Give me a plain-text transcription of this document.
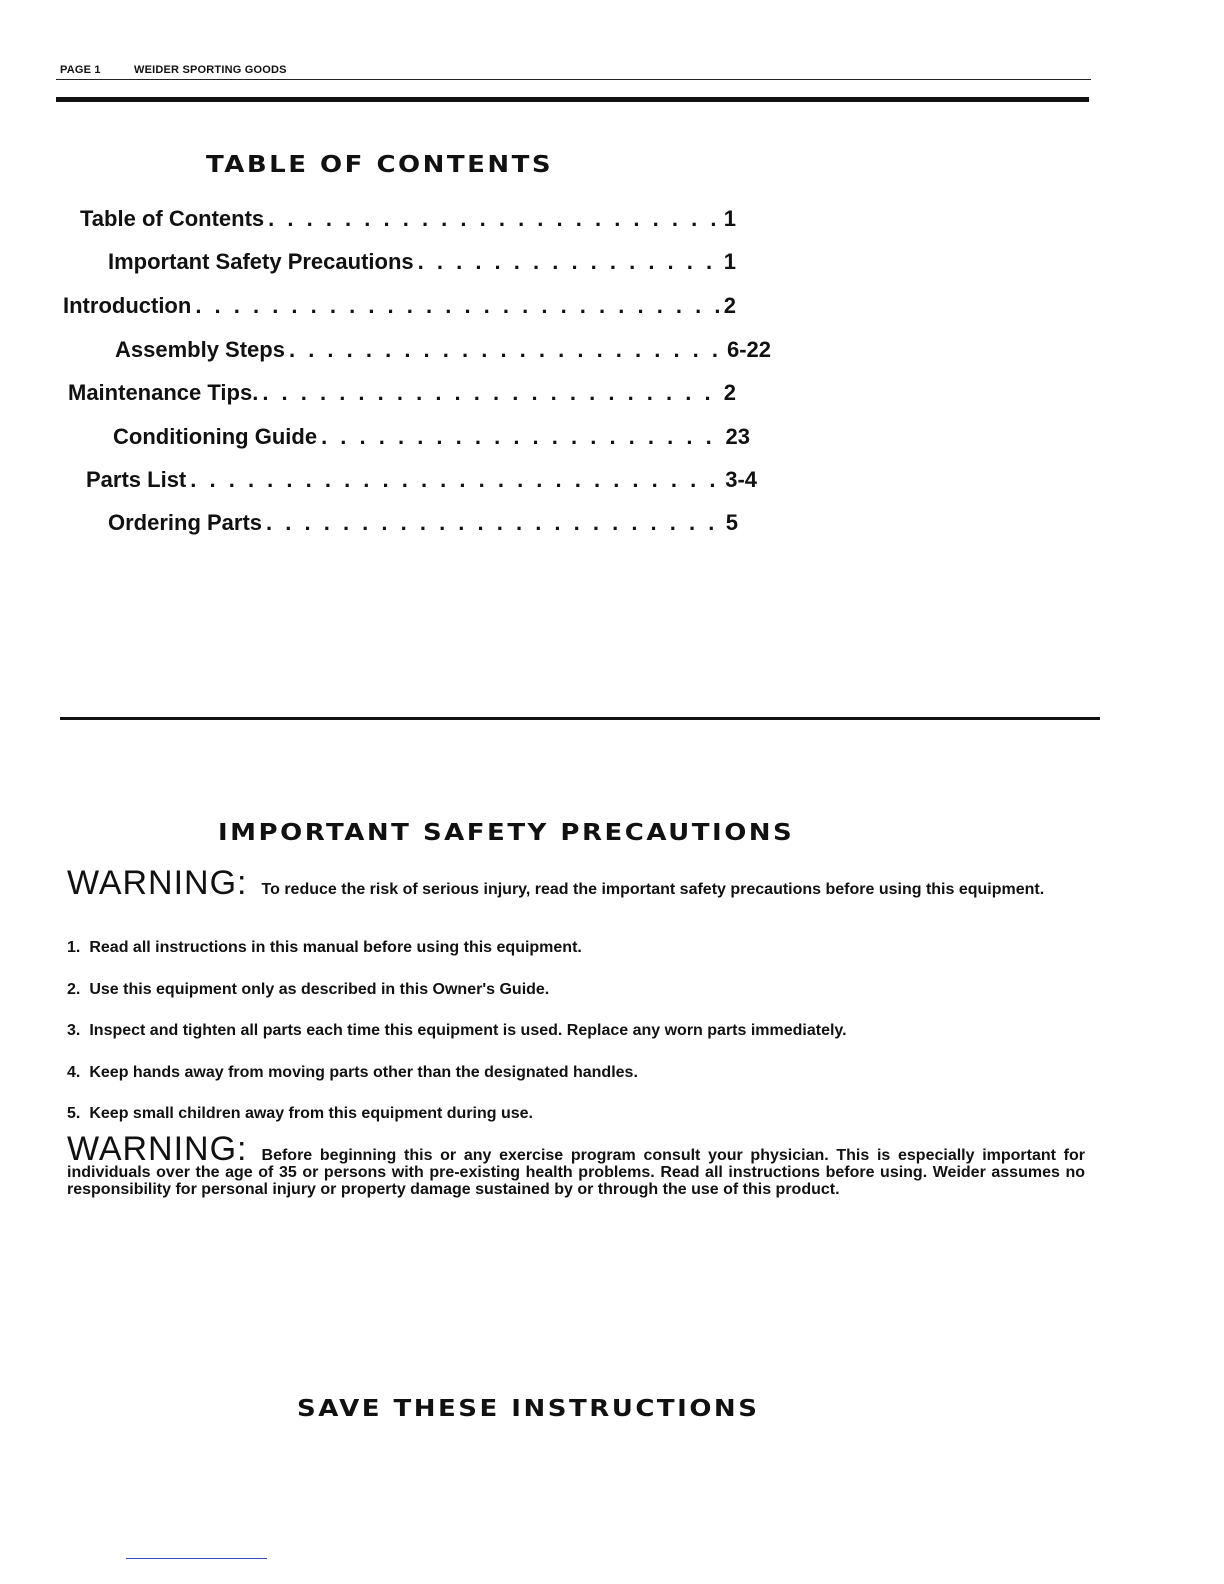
PAGE 1	WEIDER SPORTING GOODS
TABLE OF CONTENTS
Table of Contents . . .	1
Important Safety Precautions . . .	1
Introduction . . .	2
Assembly Steps . . .	6-22
Maintenance Tips. . . .	2
Conditioning Guide . . .	23
Parts List . . .	3-4
Ordering Parts . . .	5
IMPORTANT SAFETY PRECAUTIONS
WARNING: To reduce the risk of serious injury, read the important safety precautions before using this equipment.
1. Read all instructions in this manual before using this equipment.
2. Use this equipment only as described in this Owner's Guide.
3. Inspect and tighten all parts each time this equipment is used. Replace any worn parts immediately.
4. Keep hands away from moving parts other than the designated handles.
5. Keep small children away from this equipment during use.
WARNING: Before beginning this or any exercise program consult your physician. This is especially important for individuals over the age of 35 or persons with pre-existing health problems. Read all instructions before using. Weider assumes no responsibility for personal injury or property damage sustained by or through the use of this product.
SAVE THESE INSTRUCTIONS
